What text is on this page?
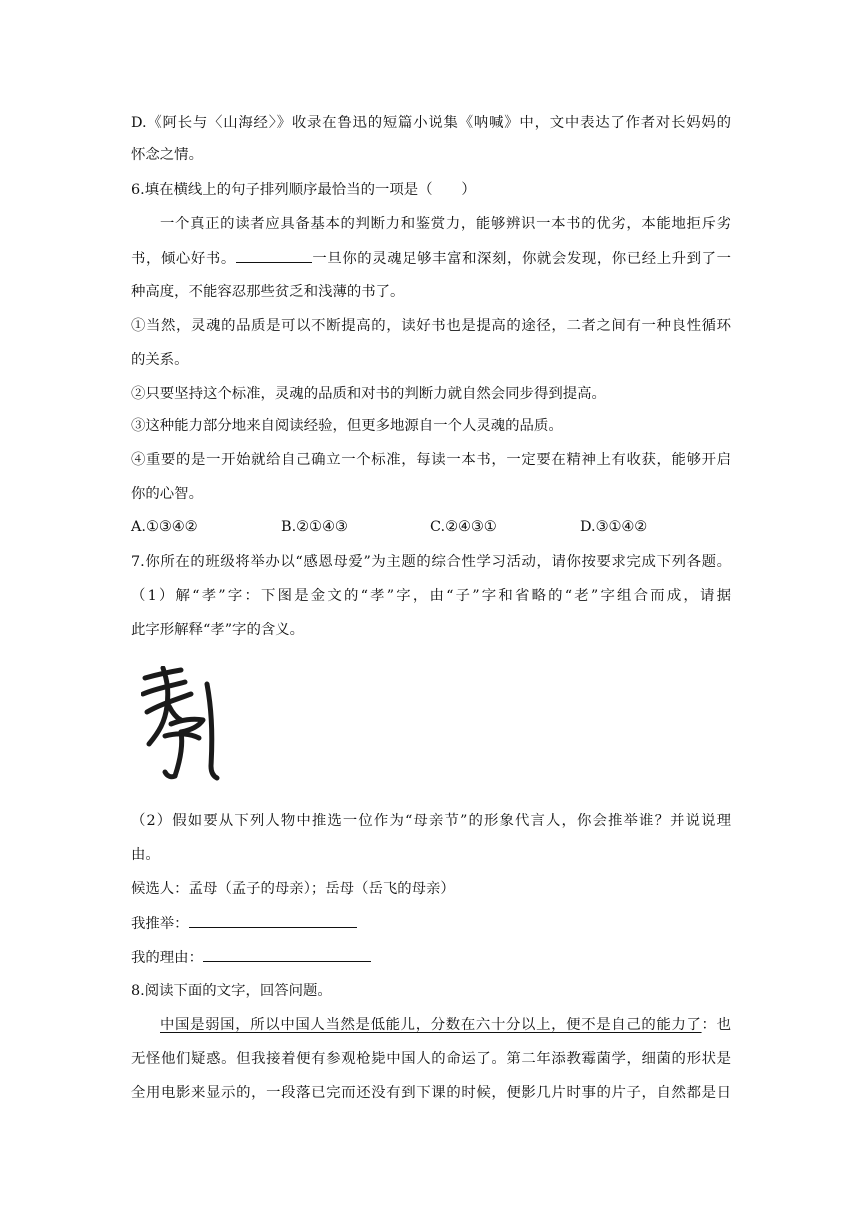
D.《阿长与〈山海经〉》收录在鲁迅的短篇小说集《呐喊》中，文中表达了作者对长妈妈的
怀念之情。
6.填在横线上的句子排列顺序最恰当的一项是（　　）
一个真正的读者应具备基本的判断力和鉴赏力，能够辨识一本书的优劣，本能地拒斥劣
书，倾心好书。	一旦你的灵魂足够丰富和深刻，你就会发现，你已经上升到了一
种高度，不能容忍那些贫乏和浅薄的书了。
①当然，灵魂的品质是可以不断提高的，读好书也是提高的途径，二者之间有一种良性循环
的关系。
②只要坚持这个标准，灵魂的品质和对书的判断力就自然会同步得到提高。
③这种能力部分地来自阅读经验，但更多地源自一个人灵魂的品质。
④重要的是一开始就给自己确立一个标准，每读一本书，一定要在精神上有收获，能够开启
你的心智。
A.①③④②	B.②①④③	C.②④③①	D.③①④②
7.你所在的班级将举办以“感恩母爱”为主题的综合性学习活动，请你按要求完成下列各题。
（1）解“孝”字：下图是金文的“孝”字，由“子”字和省略的“老”字组合而成，请据
此字形解释“孝”字的含义。
（2）假如要从下列人物中推选一位作为“母亲节”的形象代言人，你会推举谁？并说说理
由。
候选人：孟母（孟子的母亲）；岳母（岳飞的母亲）
我推举：
我的理由：
8.阅读下面的文字，回答问题。
中国是弱国，所以中国人当然是低能儿，分数在六十分以上，便不是自己的能力了：也
无怪他们疑惑。但我接着便有参观枪毙中国人的命运了。第二年添教霉菌学，细菌的形状是
全用电影来显示的，一段落已完而还没有到下课的时候，便影几片时事的片子，自然都是日
